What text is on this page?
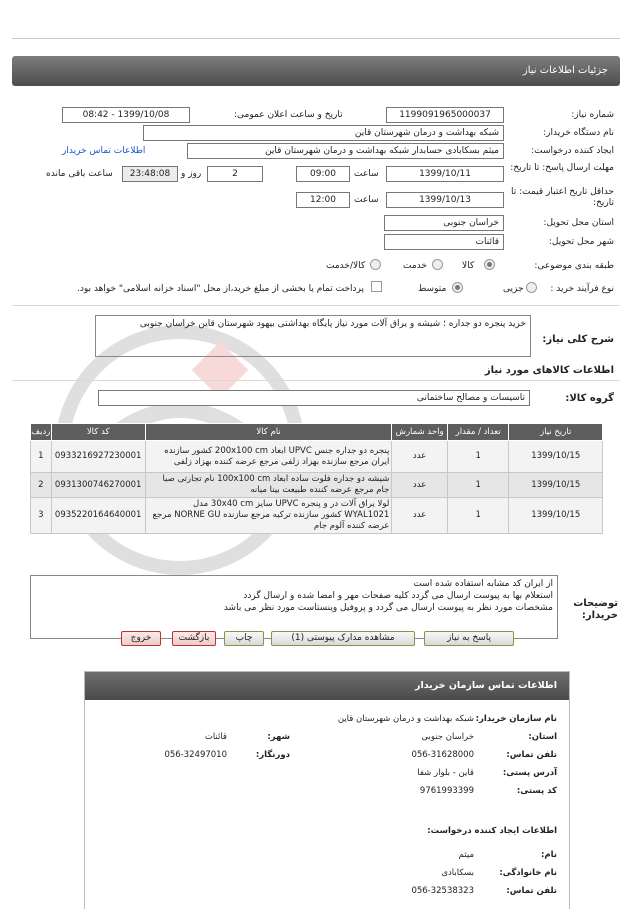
جزئیات اطلاعات نیاز
شماره نیاز:
1199091965000037
تاریخ و ساعت اعلان عمومی:
1399/10/08 - 08:42
نام دستگاه خریدار:
شبکه بهداشت و درمان شهرستان قاین
ایجاد کننده درخواست:
میثم بسکابادی حسابدار شبکه بهداشت و درمان شهرستان قاین
اطلاعات تماس خریدار
مهلت ارسال پاسخ: تا تاریخ:
1399/10/11
ساعت
09:00
2
روز و
23:48:08
ساعت باقی مانده
حداقل تاریخ اعتبار قیمت: تا تاریخ:
1399/10/13
ساعت
12:00
استان محل تحویل:
خراسان جنوبی
شهر محل تحویل:
قائنات
طبقه بندی موضوعی:
کالا
خدمت
کالا/خدمت
نوع فرآیند خرید :
جزیی
متوسط
پرداخت تمام یا بخشی از مبلغ خرید،از محل "اسناد خزانه اسلامی" خواهد بود.
شرح کلی نیاز:
خرید پنجره دو جداره ؛ شیشه و یراق آلات مورد نیاز پایگاه بهداشتی بیهود شهرستان قاین خراسان جنوبی
اطلاعات کالاهای مورد نیاز
گروه کالا:
تاسیسات و مصالح ساختمانی
تاریخ نیاز	تعداد / مقدار	واحد شمارش	نام کالا	کد کالا	ردیف
1399/10/15	1	عدد	پنجره دو جداره جنس UPVC ابعاد 200x100 cm کشور سازنده ایران مرجع سازنده بهزاد زلفی مرجع عرضه کننده بهزاد زلفی	0933216927230001	1
1399/10/15	1	عدد	شیشه دو جداره فلوت ساده ابعاد 100x100 cm نام تجارتی صبا جام مرجع عرضه کننده طبیعت بینا میانه	0931300746270001	2
1399/10/15	1	عدد	لولا یراق آلات در و پنجره UPVC سایز 30x40 cm مدل WYAL1021 کشور سازنده ترکیه مرجع سازنده NORNE GU مرجع عرضه کننده آلوم جام	0935220164640001	3
توضیحات خریدار:
از ایران کد مشابه استفاده شده است
استعلام بها به پیوست ارسال می گردد کلیه صفحات مهر و امضا شده و ارسال گردد
مشخصات مورد نظر به پیوست ارسال می گردد و پروفیل وینستاست مورد نظر می باشد
پاسخ به نیاز
مشاهده مدارک پیوستی (1)
چاپ
بازگشت
خروج
اطلاعات تماس سازمان خریدار
نام سازمان خریدار:
شبکه بهداشت و درمان شهرستان قاین
استان:
خراسان جنوبی
شهر:
قائنات
تلفن تماس:
056-31628000
دورنگار:
056-32497010
آدرس پستی:
قاین - بلوار شفا
کد پستی:
9761993399
اطلاعات ایجاد کننده درخواست:
نام:
میثم
نام خانوادگی:
بسکابادی
تلفن تماس:
056-32538323
